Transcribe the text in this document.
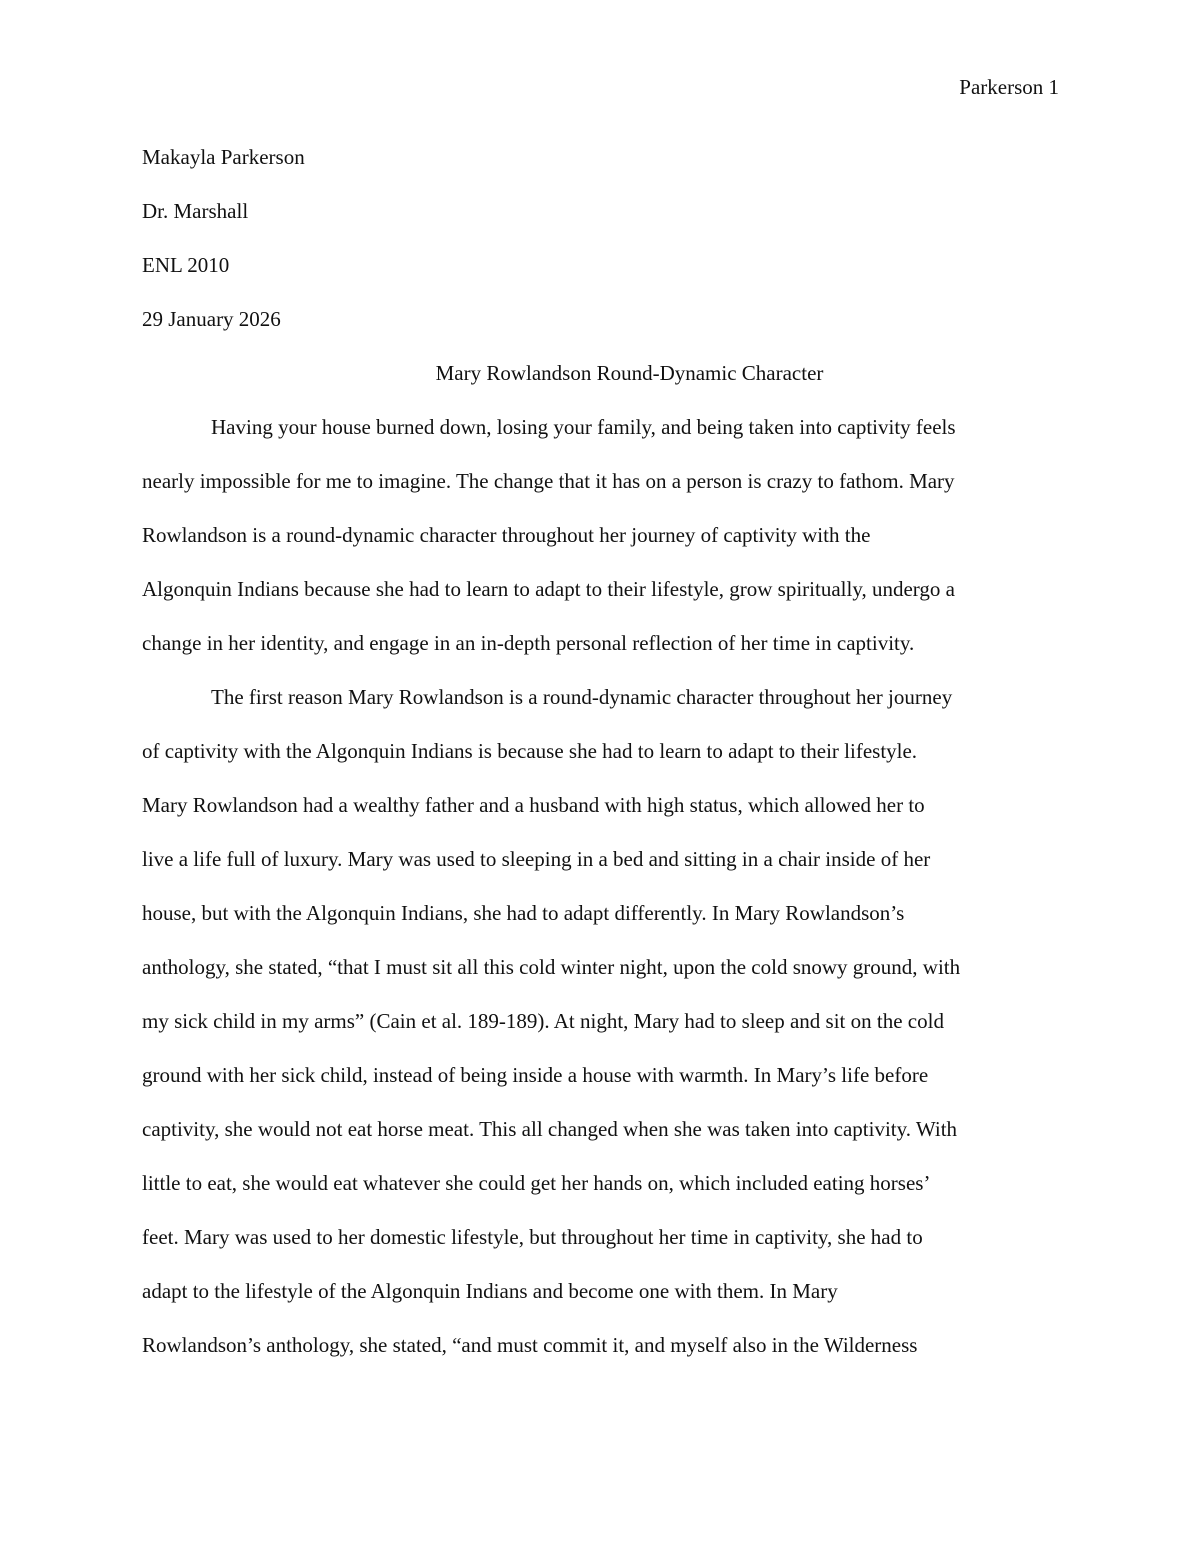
Parkerson 1
Makayla Parkerson
Dr. Marshall
ENL 2010
29 January 2026
Mary Rowlandson Round-Dynamic Character
Having your house burned down, losing your family, and being taken into captivity feels
nearly impossible for me to imagine. The change that it has on a person is crazy to fathom. Mary
Rowlandson is a round-dynamic character throughout her journey of captivity with the
Algonquin Indians because she had to learn to adapt to their lifestyle, grow spiritually, undergo a
change in her identity, and engage in an in-depth personal reflection of her time in captivity.
The first reason Mary Rowlandson is a round-dynamic character throughout her journey
of captivity with the Algonquin Indians is because she had to learn to adapt to their lifestyle.
Mary Rowlandson had a wealthy father and a husband with high status, which allowed her to
live a life full of luxury. Mary was used to sleeping in a bed and sitting in a chair inside of her
house, but with the Algonquin Indians, she had to adapt differently. In Mary Rowlandson’s
anthology, she stated, “that I must sit all this cold winter night, upon the cold snowy ground, with
my sick child in my arms” (Cain et al. 189-189). At night, Mary had to sleep and sit on the cold
ground with her sick child, instead of being inside a house with warmth. In Mary’s life before
captivity, she would not eat horse meat. This all changed when she was taken into captivity. With
little to eat, she would eat whatever she could get her hands on, which included eating horses’
feet. Mary was used to her domestic lifestyle, but throughout her time in captivity, she had to
adapt to the lifestyle of the Algonquin Indians and become one with them. In Mary
Rowlandson’s anthology, she stated, “and must commit it, and myself also in the Wilderness
